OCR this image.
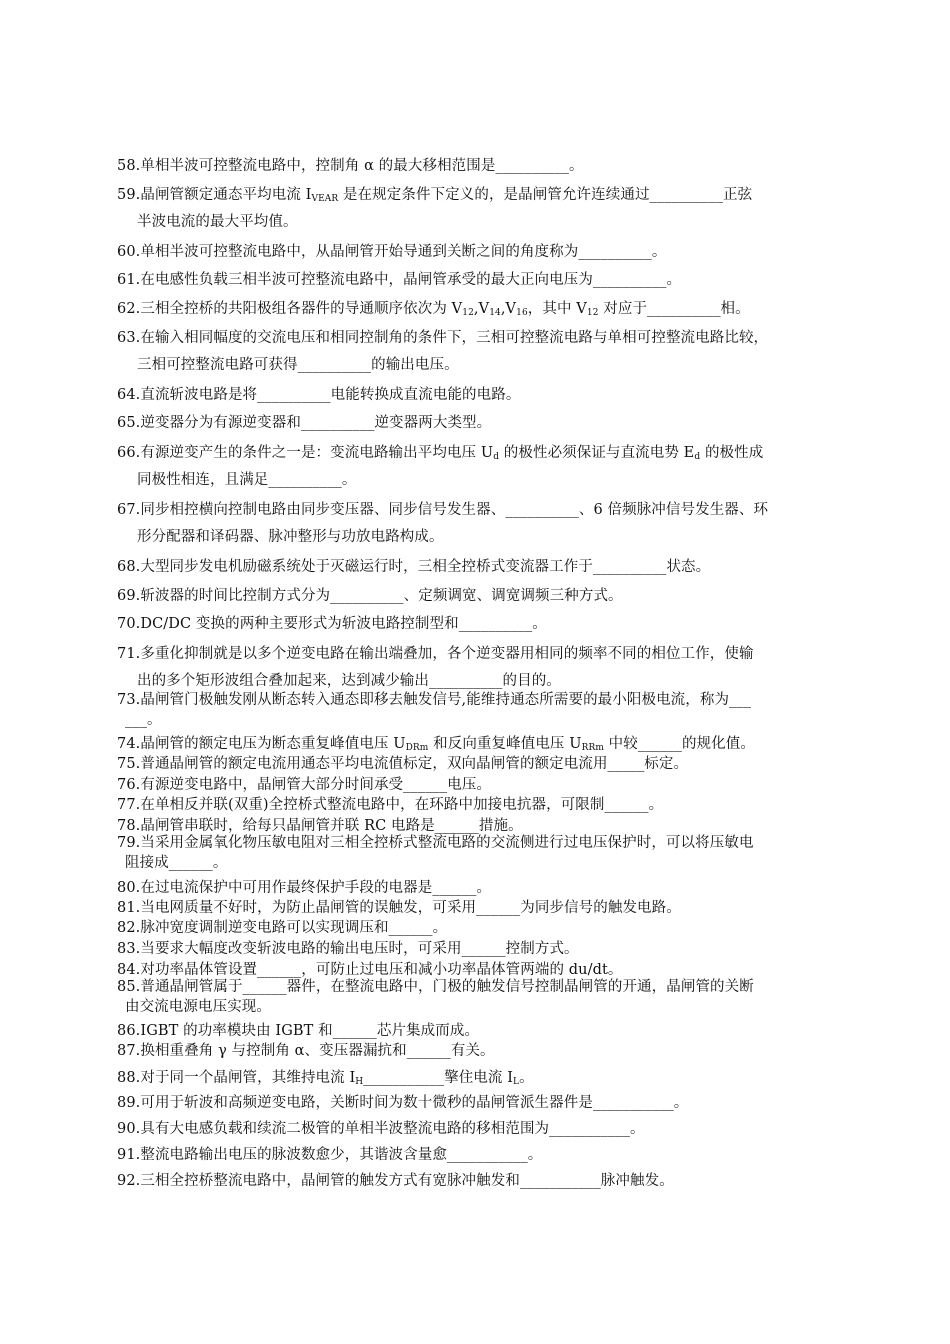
58.单相半波可控整流电路中，控制角 α 的最大移相范围是__________。
59.晶闸管额定通态平均电流 $I_{VEAR}$ 是在规定条件下定义的，是晶闸管允许连续通过__________正弦
半波电流的最大平均值。
60.单相半波可控整流电路中，从晶闸管开始导通到关断之间的角度称为__________。
61.在电感性负载三相半波可控整流电路中，晶闸管承受的最大正向电压为__________。
62.三相全控桥的共阳极组各器件的导通顺序依次为 $V_{12},V_{14},V_{16}$，其中 $V_{12}$ 对应于__________相。
63.在输入相同幅度的交流电压和相同控制角的条件下，三相可控整流电路与单相可控整流电路比较，
三相可控整流电路可获得__________的输出电压。
64.直流斩波电路是将__________电能转换成直流电能的电路。
65.逆变器分为有源逆变器和__________逆变器两大类型。
66.有源逆变产生的条件之一是：变流电路输出平均电压 $U_d$ 的极性必须保证与直流电势 $E_d$ 的极性成
同极性相连，且满足__________。
67.同步相控横向控制电路由同步变压器、同步信号发生器、__________、6 倍频脉冲信号发生器、环
形分配器和译码器、脉冲整形与功放电路构成。
68.大型同步发电机励磁系统处于灭磁运行时，三相全控桥式变流器工作于__________状态。
69.斩波器的时间比控制方式分为__________、定频调宽、调宽调频三种方式。
70.DC/DC 变换的两种主要形式为斩波电路控制型和__________。
71.多重化抑制就是以多个逆变电路在输出端叠加，各个逆变器用相同的频率不同的相位工作，使输
出的多个矩形波组合叠加起来，达到减少输出__________的目的。
73.晶闸管门极触发刚从断态转入通态即移去触发信号,能维持通态所需要的最小阳极电流，称为___
___。
74.晶闸管的额定电压为断态重复峰值电压 $U_{DRm}$ 和反向重复峰值电压 $U_{RRm}$ 中较______的规化值。
75.普通晶闸管的额定电流用通态平均电流值标定，双向晶闸管的额定电流用_____标定。
76.有源逆变电路中，晶闸管大部分时间承受______电压。
77.在单相反并联(双重)全控桥式整流电路中，在环路中加接电抗器，可限制______。
78.晶闸管串联时，给每只晶闸管并联 RC 电路是______措施。
79.当采用金属氧化物压敏电阻对三相全控桥式整流电路的交流侧进行过电压保护时，可以将压敏电
阻接成______。
80.在过电流保护中可用作最终保护手段的电器是______。
81.当电网质量不好时，为防止晶闸管的误触发，可采用______为同步信号的触发电路。
82.脉冲宽度调制逆变电路可以实现调压和______。
83.当要求大幅度改变斩波电路的输出电压时，可采用______控制方式。
84.对功率晶体管设置______，可防止过电压和减小功率晶体管两端的 du/dt。
85.普通晶闸管属于______器件，在整流电路中，门极的触发信号控制晶闸管的开通，晶闸管的关断
由交流电源电压实现。
86.IGBT 的功率模块由 IGBT 和______芯片集成而成。
87.换相重叠角 γ 与控制角 α、变压器漏抗和______有关。
88.对于同一个晶闸管，其维持电流 $I_H\_\_\_\_\_\_\_\_\_\_\_$擎住电流 $I_L$。
89.可用于斩波和高频逆变电路，关断时间为数十微秒的晶闸管派生器件是___________。
90.具有大电感负载和续流二极管的单相半波整流电路的移相范围为___________。
91.整流电路输出电压的脉波数愈少，其谐波含量愈___________。
92.三相全控桥整流电路中，晶闸管的触发方式有宽脉冲触发和___________脉冲触发。
